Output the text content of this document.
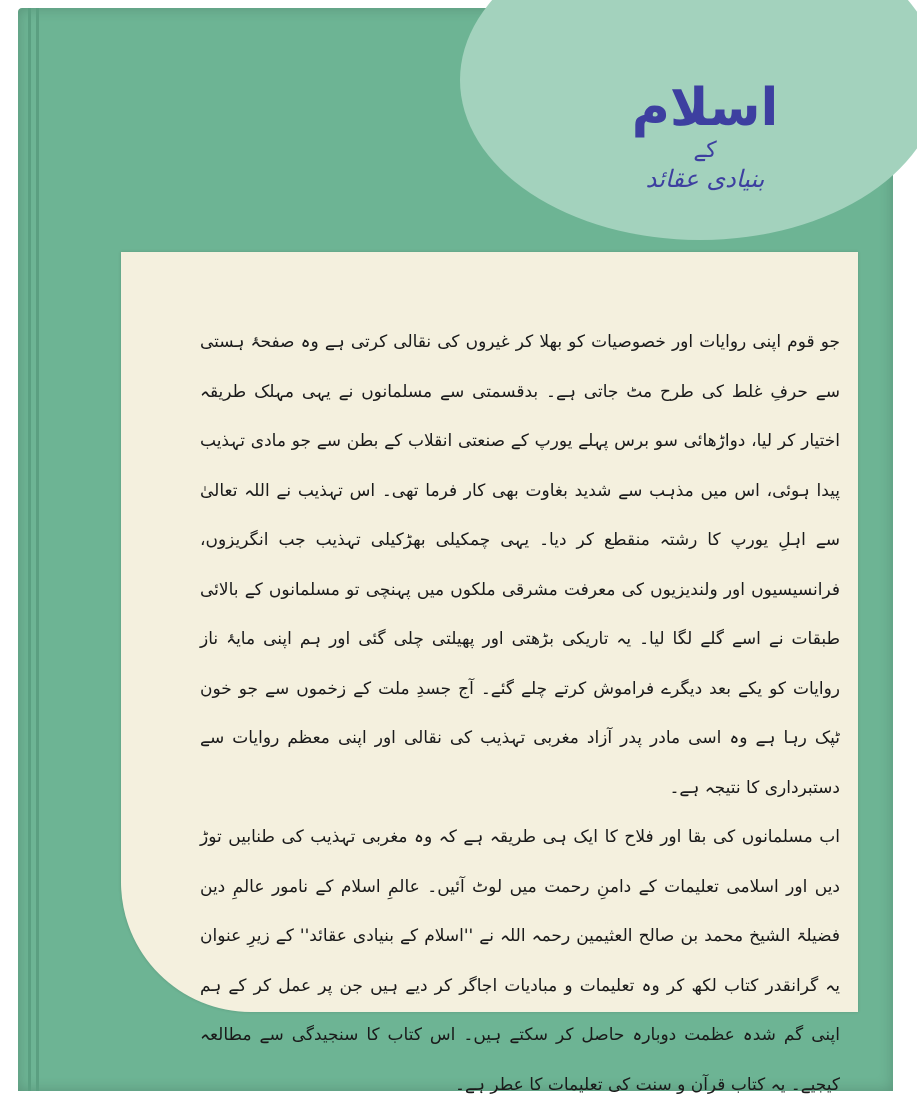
اسلام
کے
بنیادی عقائد

جو قوم اپنی روایات اور خصوصیات کو بھلا کر غیروں کی نقالی کرتی ہے وہ صفحۂ ہستی سے حرفِ غلط کی طرح مٹ جاتی ہے۔ بدقسمتی سے مسلمانوں نے یہی مہلک طریقہ اختیار کر لیا، دواڑھائی سو برس پہلے یورپ کے صنعتی انقلاب کے بطن سے جو مادی تہذیب پیدا ہوئی، اس میں مذہب سے شدید بغاوت بھی کار فرما تھی۔ اس تہذیب نے اللہ تعالیٰ سے اہلِ یورپ کا رشتہ منقطع کر دیا۔ یہی چمکیلی بھڑکیلی تہذیب جب انگریزوں، فرانسیسیوں اور ولندیزیوں کی معرفت مشرقی ملکوں میں پہنچی تو مسلمانوں کے بالائی طبقات نے اسے گلے لگا لیا۔ یہ تاریکی بڑھتی اور پھیلتی چلی گئی اور ہم اپنی مایۂ ناز روایات کو یکے بعد دیگرے فراموش کرتے چلے گئے۔ آج جسدِ ملت کے زخموں سے جو خون ٹپک رہا ہے وہ اسی مادر پدر آزاد مغربی تہذیب کی نقالی اور اپنی معظم روایات سے دستبرداری کا نتیجہ ہے۔

اب مسلمانوں کی بقا اور فلاح کا ایک ہی طریقہ ہے کہ وہ مغربی تہذیب کی طنابیں توڑ دیں اور اسلامی تعلیمات کے دامنِ رحمت میں لوٹ آئیں۔ عالمِ اسلام کے نامور عالمِ دین فضیلۃ الشیخ محمد بن صالح العثیمین رحمہ اللہ نے ''اسلام کے بنیادی عقائد'' کے زیرِ عنوان یہ گرانقدر کتاب لکھ کر وہ تعلیمات و مبادیات اجاگر کر دیے ہیں جن پر عمل کر کے ہم اپنی گم شدہ عظمت دوبارہ حاصل کر سکتے ہیں۔ اس کتاب کا سنجیدگی سے مطالعہ کیجیے۔ یہ کتاب قرآن و سنت کی تعلیمات کا عطر ہے۔
